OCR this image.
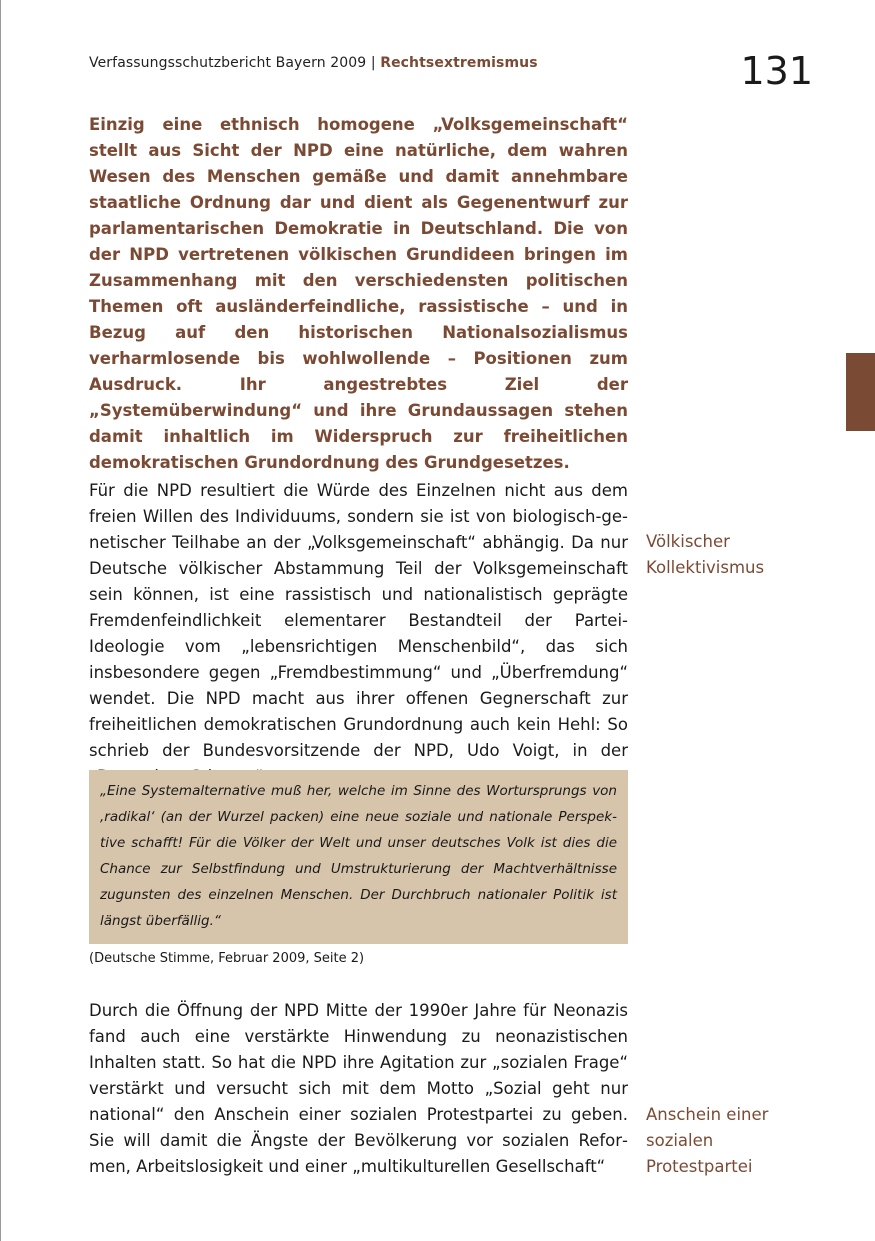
Verfassungsschutzbericht Bayern 2009 | Rechtsextremismus	131
Einzig eine ethnisch homogene „Volksgemeinschaft“ stellt aus Sicht der NPD eine natürliche, dem wahren Wesen des Menschen gemäße und damit annehmbare staatliche Ordnung dar und dient als Gegenentwurf zur parlamentarischen Demokratie in Deutschland. Die von der NPD vertretenen völkischen Grundideen bringen im Zusammenhang mit den verschiedensten politischen Themen oft ausländerfeindliche, rassistische – und in Bezug auf den historischen Nationalsozialismus verharmlosende bis wohlwollende – Positionen zum Ausdruck. Ihr angestrebtes Ziel der „Systemüberwindung“ und ihre Grundaussagen stehen damit inhaltlich im Widerspruch zur freiheitlichen demokratischen Grundordnung des Grundgesetzes.
Für die NPD resultiert die Würde des Einzelnen nicht aus dem freien Willen des Individuums, sondern sie ist von biologisch-genetischer Teilhabe an der „Volksgemeinschaft“ abhängig. Da nur Deutsche völkischer Abstammung Teil der Volksgemeinschaft sein können, ist eine rassistisch und nationalistisch geprägte Fremdenfeindlichkeit elementarer Bestandteil der Partei-Ideologie vom „lebensrichtigen Menschenbild“, das sich insbesondere gegen „Fremdbestimmung“ und „Überfremdung“ wendet. Die NPD macht aus ihrer offenen Gegnerschaft zur freiheitlichen demokratischen Grundordnung auch kein Hehl: So schrieb der Bundesvorsitzende der NPD, Udo Voigt, in der
„Eine Systemalternative muß her, welche im Sinne des Wortursprungs von ‚radikal‘ (an der Wurzel packen) eine neue soziale und nationale Perspektive schafft! Für die Völker der Welt und unser deutsches Volk ist dies die Chance zur Selbstfindung und Umstrukturierung der Machtverhältnisse zugunsten des einzelnen Menschen. Der Durchbruch nationaler Politik ist längst überfällig.“
(Deutsche Stimme, Februar 2009, Seite 2)
Durch die Öffnung der NPD Mitte der 1990er Jahre für Neonazis fand auch eine verstärkte Hinwendung zu neonazistischen Inhalten statt. So hat die NPD ihre Agitation zur „sozialen Frage“ verstärkt und versucht sich mit dem Motto „Sozial geht nur national“ den Anschein einer sozialen Protestpartei zu geben. Sie will damit die Ängste der Bevölkerung vor sozialen Reformen, Arbeitslosigkeit und einer „multikulturellen Gesellschaft“
Völkischer
Kollektivismus
Anschein einer
sozialen
Protestpartei
